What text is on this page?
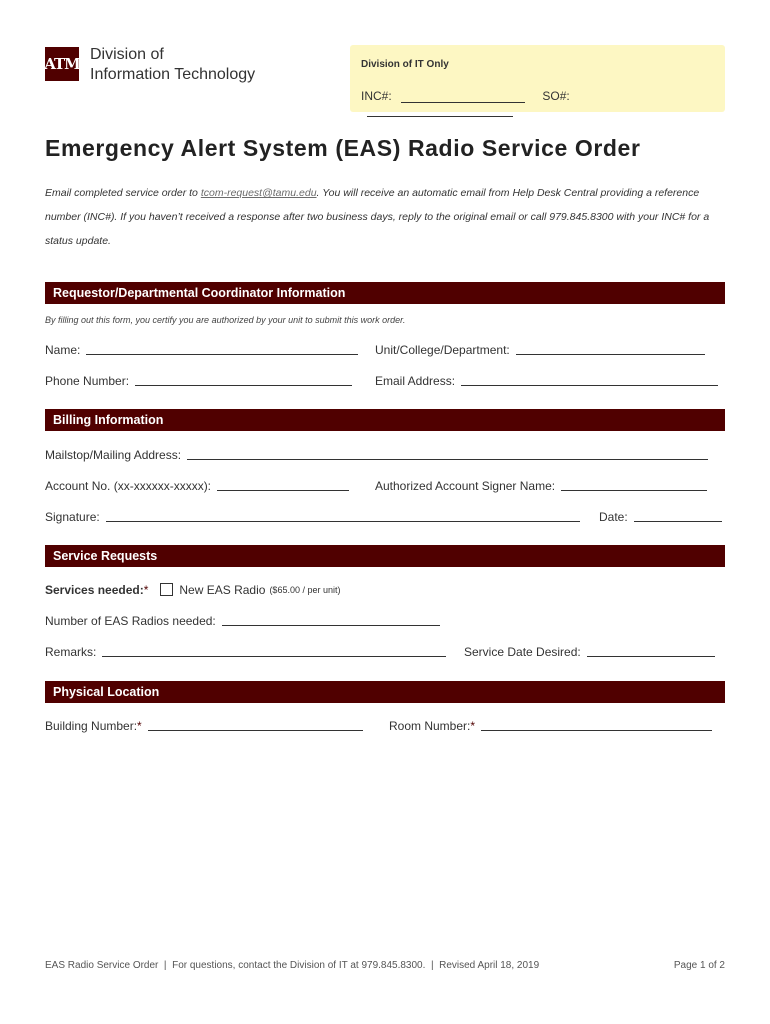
ATM
Division of
Information Technology
Division of IT Only
INC#:	SO#:
Emergency Alert System (EAS) Radio Service Order
Email completed service order to tcom-request@tamu.edu. You will receive an automatic email from Help Desk Central providing a reference number (INC#). If you haven’t received a response after two business days, reply to the original email or call 979.845.8300 with your INC# for a status update.
Requestor/Departmental Coordinator Information
By filling out this form, you certify you are authorized by your unit to submit this work order.
Name:	Unit/College/Department:
Phone Number:	Email Address:
Billing Information
Mailstop/Mailing Address:
Account No. (xx-xxxxxx-xxxxx):	Authorized Account Signer Name:
Signature:	Date:
Service Requests
Services needed: *	New EAS Radio ($65.00 / per unit)
Number of EAS Radios needed:
Remarks:	Service Date Desired:
Physical Location
Building Number: *	Room Number: *
EAS Radio Service Order  |  For questions, contact the Division of IT at 979.845.8300.  |  Revised April 18, 2019	Page 1 of 2
